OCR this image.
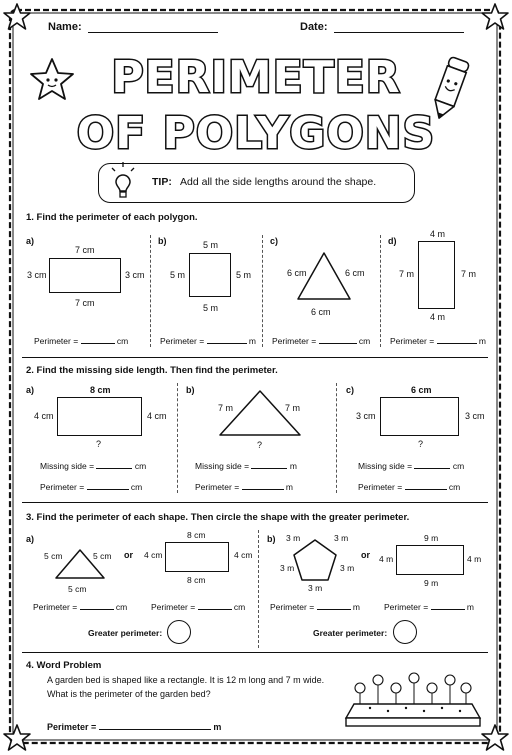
Name:	Date:
PERIMETER
OF POLYGONS
TIP: Add all the side lengths around the shape.
1. Find the perimeter of each polygon.
a)
7 cm
3 cm	3 cm
7 cm
Perimeter =	cm
b)	5 m
5 m	5 m
5 m
Perimeter =	m
c)
6 cm	6 cm
6 cm
Perimeter =	cm
d)
4 m
7 m	7 m
4 m
Perimeter =	m
2. Find the missing side length. Then find the perimeter.
a)	8 cm
4 cm	4 cm
?
Missing side =	cm
Perimeter =	cm
b)
7 m	7 m
?
Missing side =	m
Perimeter =	m
c)	6 cm
3 cm	3 cm
?
Missing side =	cm
Perimeter =	cm
3. Find the perimeter of each shape. Then circle the shape with the greater perimeter.
a)
5 cm	5 cm
5 cm
or
8 cm
4 cm	4 cm
8 cm
Perimeter =	cm	Perimeter =	cm
Greater perimeter:
b) 3 m	3 m
3 m	3 m
3 m
or
9 m
4 m	4 m
9 m
Perimeter =	m	Perimeter =	m
Greater perimeter:
4. Word Problem
A garden bed is shaped like a rectangle. It is 12 m long and 7 m wide.
What is the perimeter of the garden bed?
Perimeter =	m
